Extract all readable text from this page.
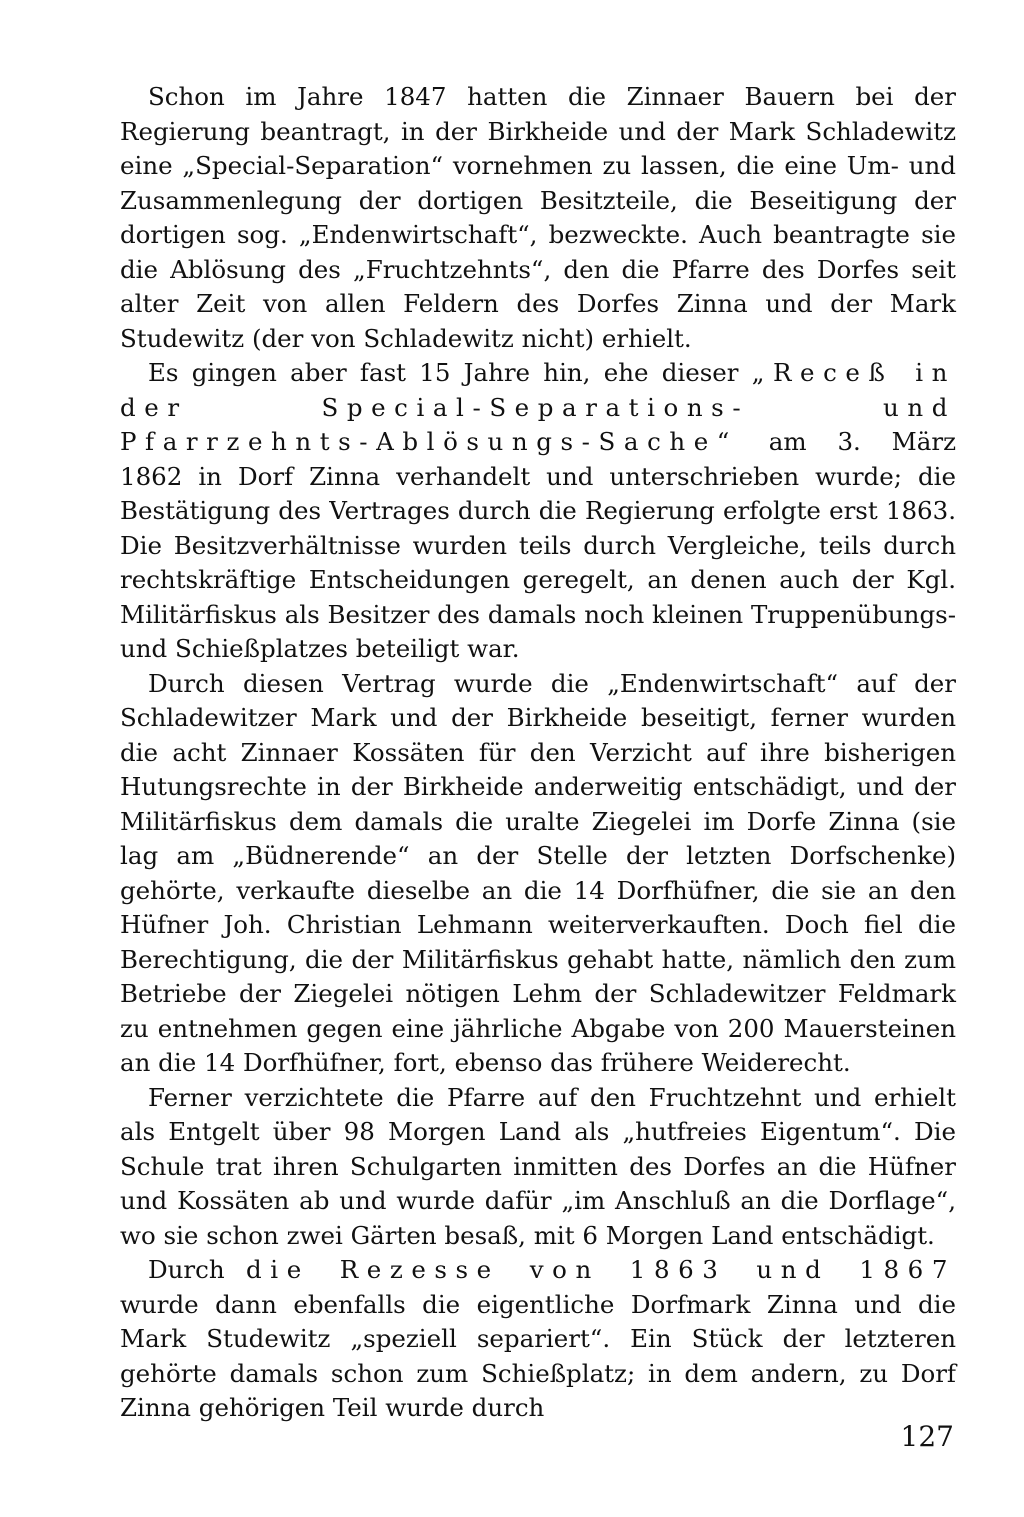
Schon im Jahre 1847 hatten die Zinnaer Bauern bei der Regierung beantragt, in der Birkheide und der Mark Schladewitz eine „Special-Separation“ vornehmen zu lassen, die eine Um- und Zusammenlegung der dortigen Besitzteile, die Beseitigung der dortigen sog. „Endenwirtschaft“, bezweckte. Auch beantragte sie die Ablösung des „Fruchtzehnts“, den die Pfarre des Dorfes seit alter Zeit von allen Feldern des Dorfes Zinna und der Mark Studewitz (der von Schladewitz nicht) erhielt.

Es gingen aber fast 15 Jahre hin, ehe dieser „Receß in der Special-Separations- und Pfarrzehnts-Ablösungs-Sache“ am 3. März 1862 in Dorf Zinna verhandelt und unterschrieben wurde; die Bestätigung des Vertrages durch die Regierung erfolgte erst 1863. Die Besitzverhältnisse wurden teils durch Vergleiche, teils durch rechtskräftige Entscheidungen geregelt, an denen auch der Kgl. Militärfiskus als Besitzer des damals noch kleinen Truppenübungs- und Schießplatzes beteiligt war.

Durch diesen Vertrag wurde die „Endenwirtschaft“ auf der Schladewitzer Mark und der Birkheide beseitigt, ferner wurden die acht Zinnaer Kossäten für den Verzicht auf ihre bisherigen Hutungsrechte in der Birkheide anderweitig entschädigt, und der Militärfiskus dem damals die uralte Ziegelei im Dorfe Zinna (sie lag am „Büdnerende“ an der Stelle der letzten Dorfschenke) gehörte, verkaufte dieselbe an die 14 Dorfhüfner, die sie an den Hüfner Joh. Christian Lehmann weiterverkauften. Doch fiel die Berechtigung, die der Militärfiskus gehabt hatte, nämlich den zum Betriebe der Ziegelei nötigen Lehm der Schladewitzer Feldmark zu entnehmen gegen eine jährliche Abgabe von 200 Mauersteinen an die 14 Dorfhüfner, fort, ebenso das frühere Weiderecht.

Ferner verzichtete die Pfarre auf den Fruchtzehnt und erhielt als Entgelt über 98 Morgen Land als „hutfreies Eigentum“. Die Schule trat ihren Schulgarten inmitten des Dorfes an die Hüfner und Kossäten ab und wurde dafür „im Anschluß an die Dorflage“, wo sie schon zwei Gärten besaß, mit 6 Morgen Land entschädigt.

Durch die Rezesse von 1863 und 1867 wurde dann ebenfalls die eigentliche Dorfmark Zinna und die Mark Studewitz „speziell separiert“. Ein Stück der letzteren gehörte damals schon zum Schießplatz; in dem andern, zu Dorf Zinna gehörigen Teil wurde durch

127
